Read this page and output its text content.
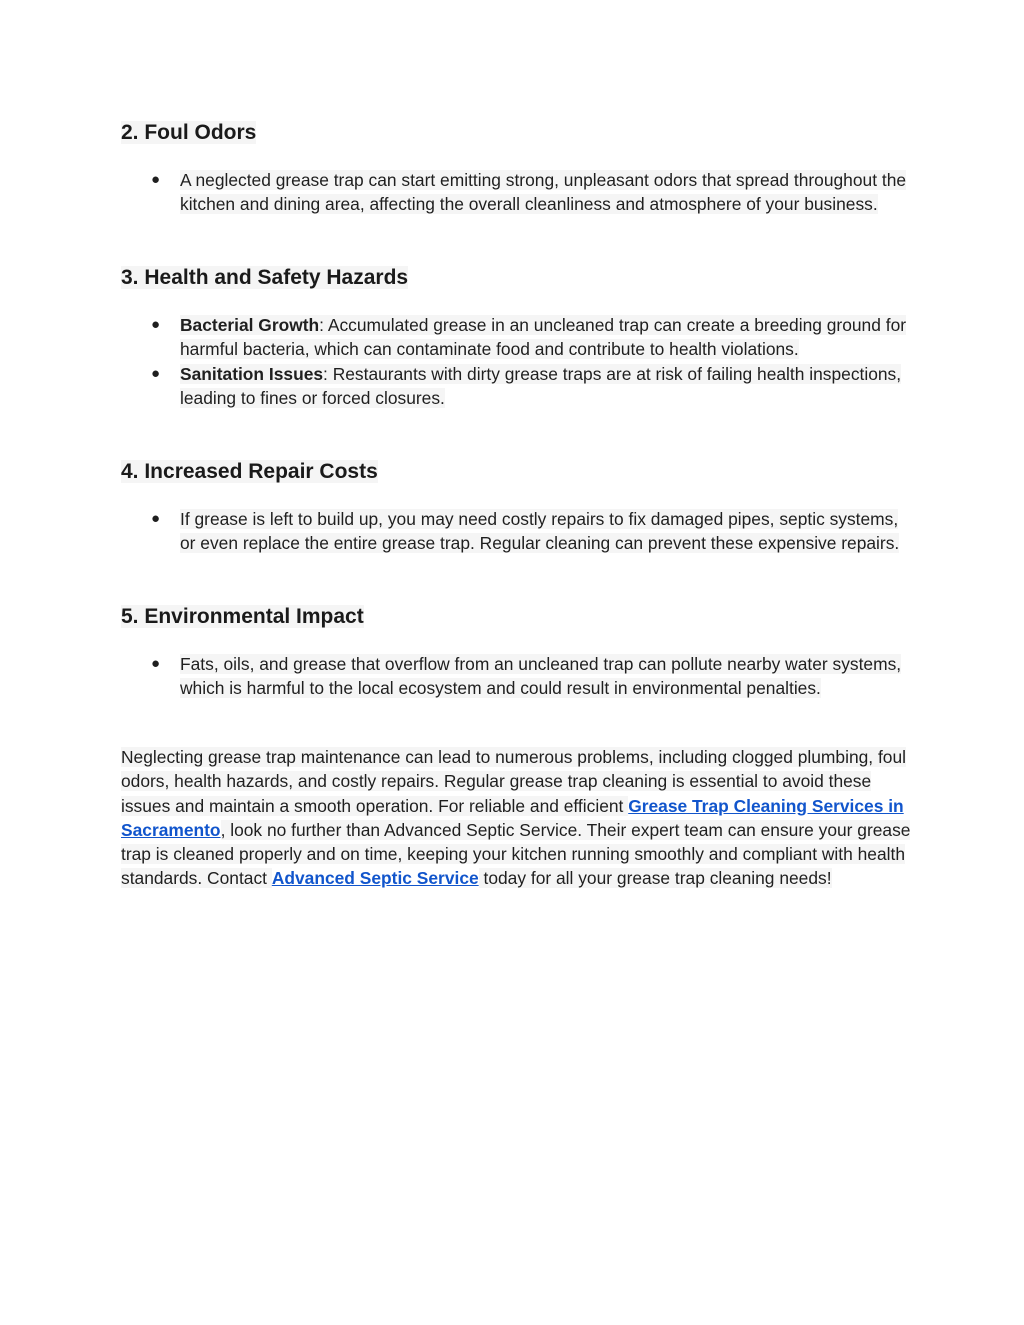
2. Foul Odors
● A neglected grease trap can start emitting strong, unpleasant odors that spread throughout the kitchen and dining area, affecting the overall cleanliness and atmosphere of your business.
3. Health and Safety Hazards
● Bacterial Growth: Accumulated grease in an uncleaned trap can create a breeding ground for harmful bacteria, which can contaminate food and contribute to health violations.
● Sanitation Issues: Restaurants with dirty grease traps are at risk of failing health inspections, leading to fines or forced closures.
4. Increased Repair Costs
● If grease is left to build up, you may need costly repairs to fix damaged pipes, septic systems, or even replace the entire grease trap. Regular cleaning can prevent these expensive repairs.
5. Environmental Impact
● Fats, oils, and grease that overflow from an uncleaned trap can pollute nearby water systems, which is harmful to the local ecosystem and could result in environmental penalties.

Neglecting grease trap maintenance can lead to numerous problems, including clogged plumbing, foul odors, health hazards, and costly repairs. Regular grease trap cleaning is essential to avoid these issues and maintain a smooth operation. For reliable and efficient Grease Trap Cleaning Services in Sacramento, look no further than Advanced Septic Service. Their expert team can ensure your grease trap is cleaned properly and on time, keeping your kitchen running smoothly and compliant with health standards. Contact Advanced Septic Service today for all your grease trap cleaning needs!
